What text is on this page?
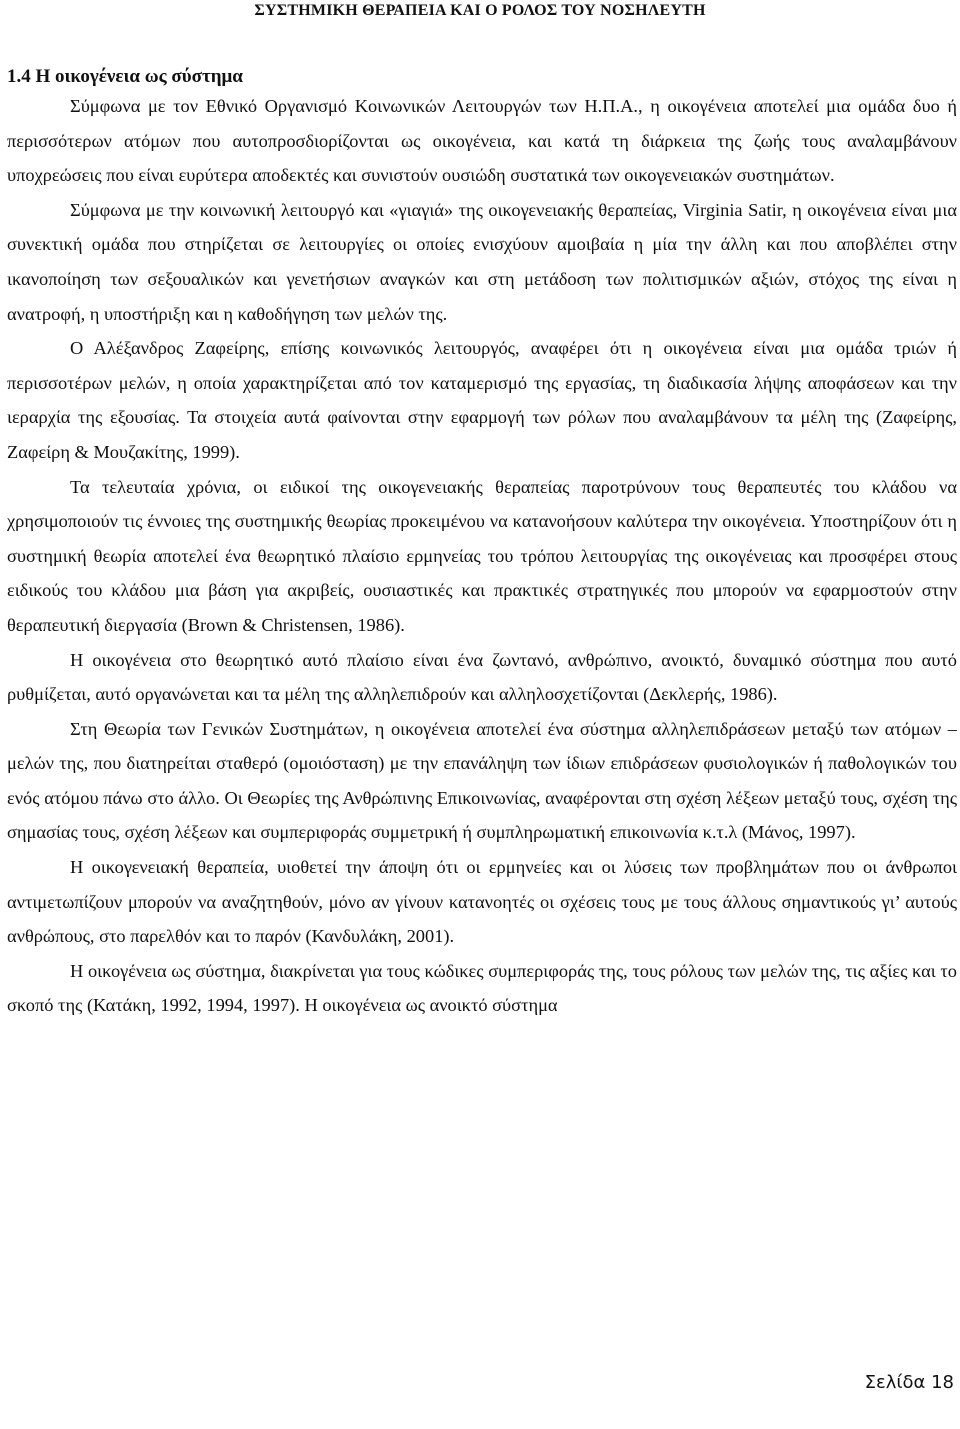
ΣΥΣΤΗΜΙΚΗ ΘΕΡΑΠΕΙΑ ΚΑΙ Ο ΡΟΛΟΣ ΤΟΥ ΝΟΣΗΛΕΥΤΗ
1.4 Η οικογένεια ως σύστημα

Σύμφωνα με τον Εθνικό Οργανισμό Κοινωνικών Λειτουργών των Η.Π.Α., η οικογένεια αποτελεί μια ομάδα δυο ή περισσότερων ατόμων που αυτοπροσδιορίζονται ως οικογένεια, και κατά τη διάρκεια της ζωής τους αναλαμβάνουν υποχρεώσεις που είναι ευρύτερα αποδεκτές και συνιστούν ουσιώδη συστατικά των οικογενειακών συστημάτων.

Σύμφωνα με την κοινωνική λειτουργό και «γιαγιά» της οικογενειακής θεραπείας, Virginia Satir, η οικογένεια είναι μια συνεκτική ομάδα που στηρίζεται σε λειτουργίες οι οποίες ενισχύουν αμοιβαία η μία την άλλη και που αποβλέπει στην ικανοποίηση των σεξουαλικών και γενετήσιων αναγκών και στη μετάδοση των πολιτισμικών αξιών, στόχος της είναι η ανατροφή, η υποστήριξη και η καθοδήγηση των μελών της.

Ο Αλέξανδρος Ζαφείρης, επίσης κοινωνικός λειτουργός, αναφέρει ότι η οικογένεια είναι μια ομάδα τριών ή περισσοτέρων μελών, η οποία χαρακτηρίζεται από τον καταμερισμό της εργασίας, τη διαδικασία λήψης αποφάσεων και την ιεραρχία της εξουσίας. Τα στοιχεία αυτά φαίνονται στην εφαρμογή των ρόλων που αναλαμβάνουν τα μέλη της (Ζαφείρης, Ζαφείρη & Μουζακίτης, 1999).

Τα τελευταία χρόνια, οι ειδικοί της οικογενειακής θεραπείας παροτρύνουν τους θεραπευτές του κλάδου να χρησιμοποιούν τις έννοιες της συστημικής θεωρίας προκειμένου να κατανοήσουν καλύτερα την οικογένεια. Υποστηρίζουν ότι η συστημική θεωρία αποτελεί ένα θεωρητικό πλαίσιο ερμηνείας του τρόπου λειτουργίας της οικογένειας και προσφέρει στους ειδικούς του κλάδου μια βάση για ακριβείς, ουσιαστικές και πρακτικές στρατηγικές που μπορούν να εφαρμοστούν στην θεραπευτική διεργασία (Brown & Christensen, 1986).

Η οικογένεια στο θεωρητικό αυτό πλαίσιο είναι ένα ζωντανό, ανθρώπινο, ανοικτό, δυναμικό σύστημα που αυτό ρυθμίζεται, αυτό οργανώνεται και τα μέλη της αλληλεπιδρούν και αλληλοσχετίζονται (Δεκλερής, 1986).

Στη Θεωρία των Γενικών Συστημάτων, η οικογένεια αποτελεί ένα σύστημα αλληλεπιδράσεων μεταξύ των ατόμων – μελών της, που διατηρείται σταθερό (ομοιόσταση) με την επανάληψη των ίδιων επιδράσεων φυσιολογικών ή παθολογικών του ενός ατόμου πάνω στο άλλο. Οι Θεωρίες της Ανθρώπινης Επικοινωνίας, αναφέρονται στη σχέση λέξεων μεταξύ τους, σχέση της σημασίας τους, σχέση λέξεων και συμπεριφοράς συμμετρική ή συμπληρωματική επικοινωνία κ.τ.λ (Μάνος, 1997).

Η οικογενειακή θεραπεία, υιοθετεί την άποψη ότι οι ερμηνείες και οι λύσεις των προβλημάτων που οι άνθρωποι αντιμετωπίζουν μπορούν να αναζητηθούν, μόνο αν γίνουν κατανοητές οι σχέσεις τους με τους άλλους σημαντικούς γι’ αυτούς ανθρώπους, στο παρελθόν και το παρόν (Κανδυλάκη, 2001).

Η οικογένεια ως σύστημα, διακρίνεται για τους κώδικες συμπεριφοράς της, τους ρόλους των μελών της, τις αξίες και το σκοπό της (Κατάκη, 1992, 1994, 1997). Η οικογένεια ως ανοικτό σύστημα

Σελίδα 18
